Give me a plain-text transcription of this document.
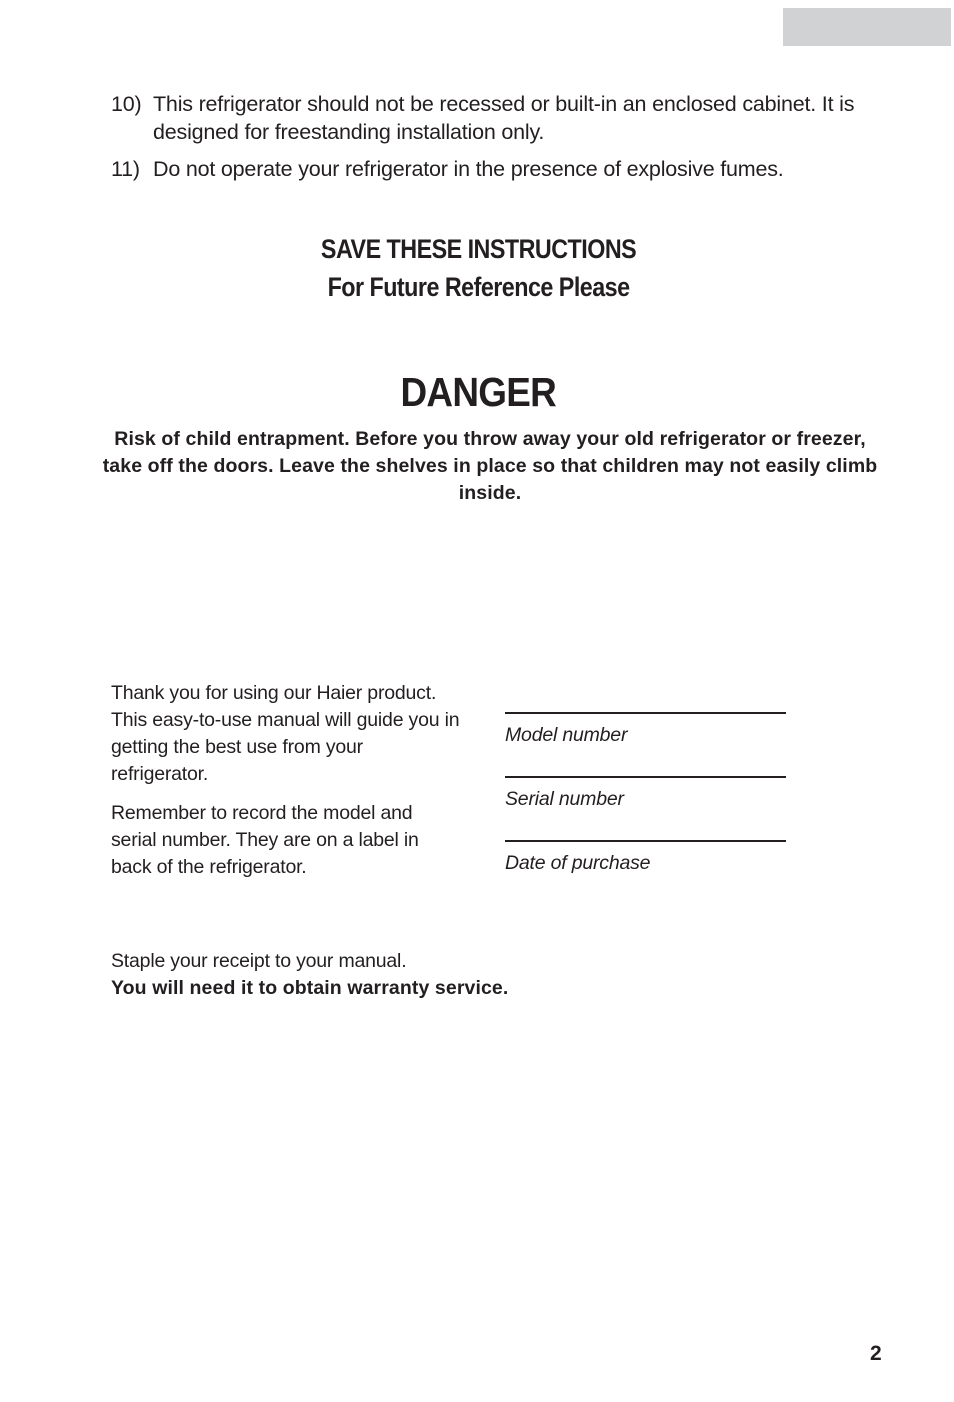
10) This refrigerator should not be recessed or built-in an enclosed cabinet. It is designed for freestanding installation only.
11) Do not operate your refrigerator in the presence of explosive fumes.
SAVE THESE INSTRUCTIONS
For Future Reference Please
DANGER
Risk of child entrapment. Before you throw away your old refrigerator or freezer, take off the doors. Leave the shelves in place so that children may not easily climb inside.

Thank you for using our Haier product. This easy-to-use manual will guide you in getting the best use from your refrigerator.

Remember to record the model and serial number. They are on a label in back of the refrigerator.

Model number
Serial number
Date of purchase
Staple your receipt to your manual.
You will need it to obtain warranty service.
2
